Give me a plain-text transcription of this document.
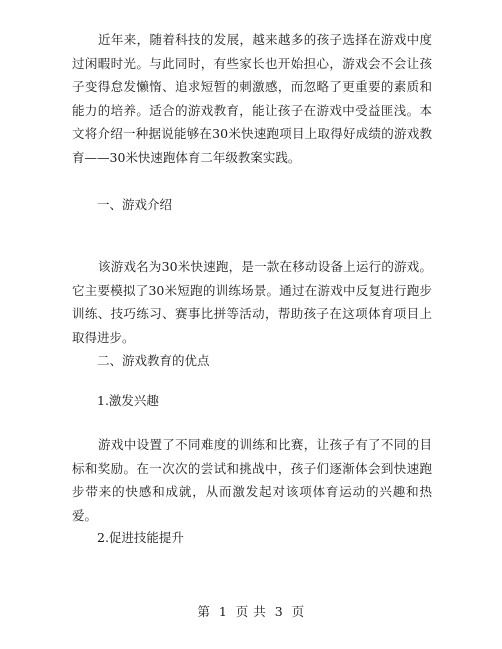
近年来，随着科技的发展，越来越多的孩子选择在游戏中度过闲暇时光。与此同时，有些家长也开始担心，游戏会不会让孩子变得怠发懒惰、追求短暂的刺激感，而忽略了更重要的素质和能力的培养。适合的游戏教育，能让孩子在游戏中受益匪浅。本文将介绍一种据说能够在30米快速跑项目上取得好成绩的游戏教育——30米快速跑体育二年级教案实践。

一、游戏介绍

该游戏名为30米快速跑，是一款在移动设备上运行的游戏。它主要模拟了30米短跑的训练场景。通过在游戏中反复进行跑步训练、技巧练习、赛事比拼等活动，帮助孩子在这项体育项目上取得进步。

二、游戏教育的优点

1.激发兴趣

游戏中设置了不同难度的训练和比赛，让孩子有了不同的目标和奖励。在一次次的尝试和挑战中，孩子们逐渐体会到快速跑步带来的快感和成就，从而激发起对该项体育运动的兴趣和热爱。

2.促进技能提升

第 1 页 共 3 页
